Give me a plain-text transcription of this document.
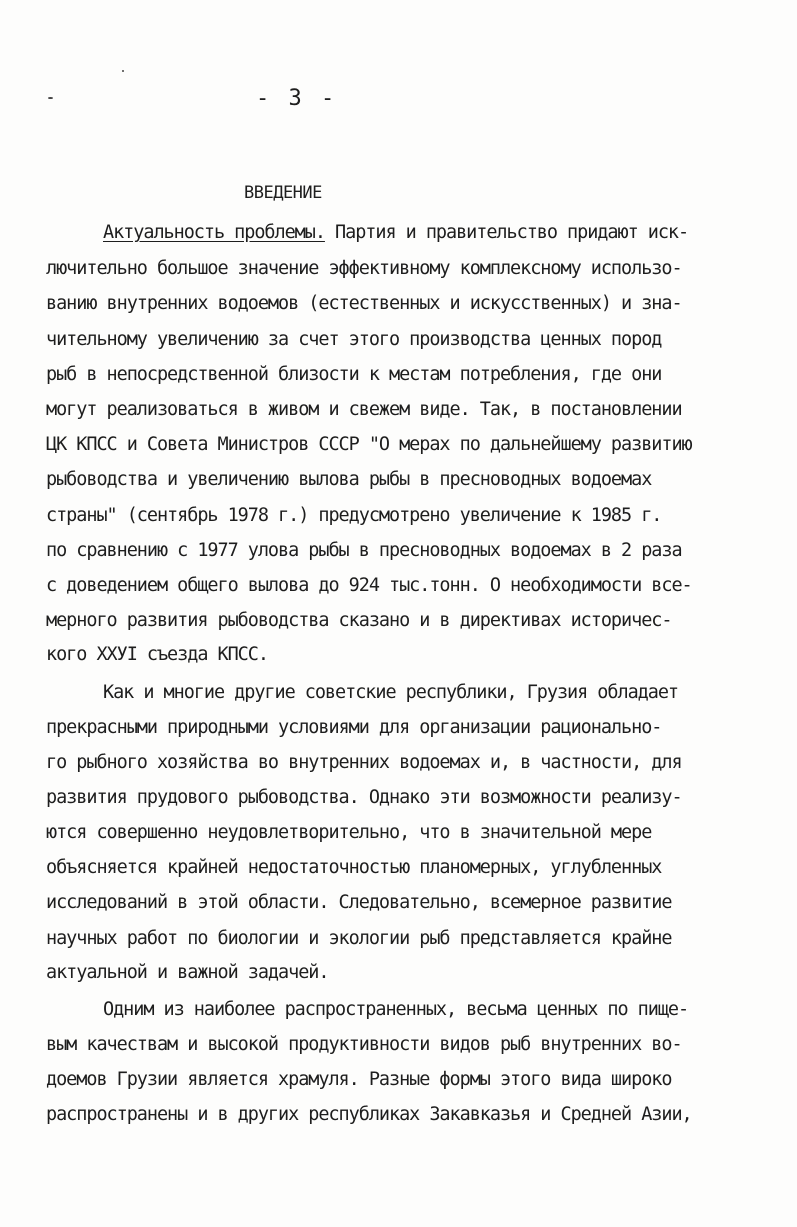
- 3 -
ВВЕДЕНИЕ
Актуальность проблемы. Партия и правительство придают иск-
лючительно большое значение эффективному комплексному использо-
ванию внутренних водоемов (естественных и искусственных) и зна-
чительному увеличению за счет этого производства ценных пород
рыб в непосредственной близости к местам потребления, где они
могут реализоваться в живом и свежем виде. Так, в постановлении
ЦК КПСС и Совета Министров СССР "О мерах по дальнейшему развитию
рыбоводства и увеличению вылова рыбы в пресноводных водоемах
страны" (сентябрь 1978 г.) предусмотрено увеличение к 1985 г.
по сравнению с 1977 улова рыбы в пресноводных водоемах в 2 раза
с доведением общего вылова до 924 тыс.тонн. О необходимости все-
мерного развития рыбоводства сказано и в директивах историчес-
кого XXУI съезда КПСС.
Как и многие другие советские республики, Грузия обладает
прекрасными природными условиями для организации рационально-
го рыбного хозяйства во внутренних водоемах и, в частности, для
развития прудового рыбоводства. Однако эти возможности реализу-
ются совершенно неудовлетворительно, что в значительной мере
объясняется крайней недостаточностью планомерных, углубленных
исследований в этой области. Следовательно, всемерное развитие
научных работ по биологии и экологии рыб представляется крайне
актуальной и важной задачей.
Одним из наиболее распространенных, весьма ценных по пище-
вым качествам и высокой продуктивности видов рыб внутренних во-
доемов Грузии является храмуля. Разные формы этого вида широко
распространены и в других республиках Закавказья и Средней Азии,
